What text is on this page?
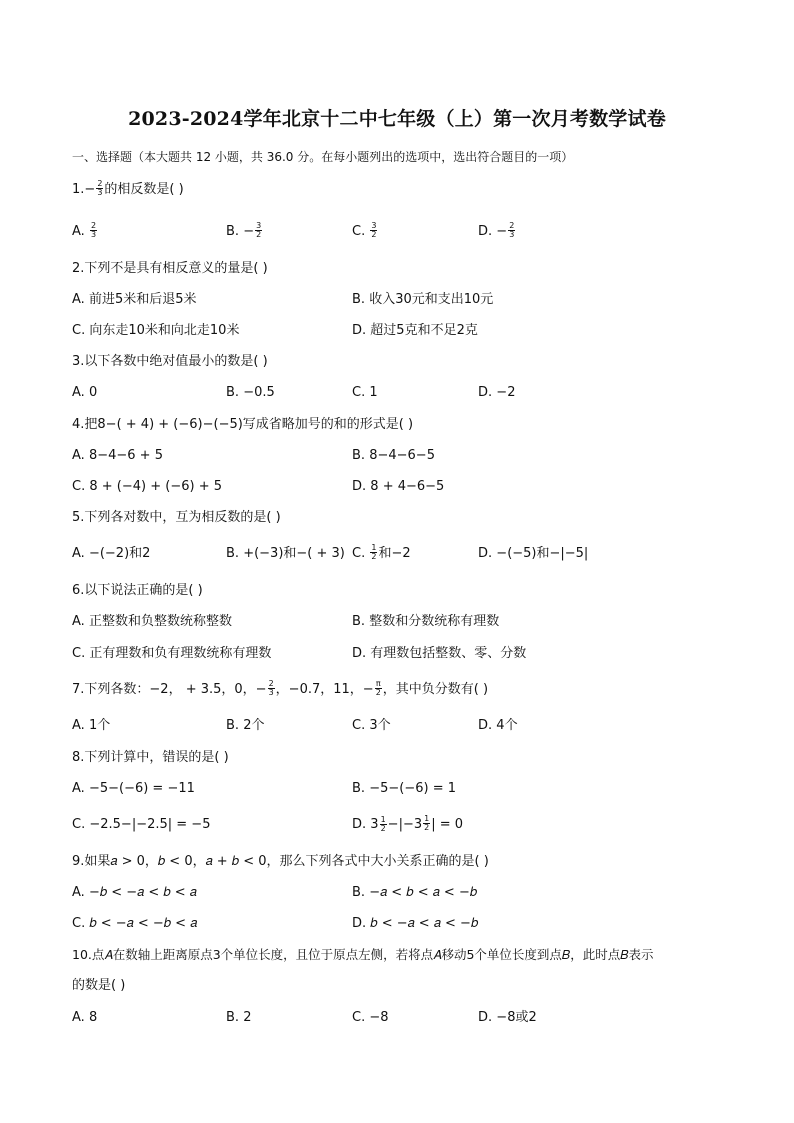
2023-2024学年北京十二中七年级（上）第一次月考数学试卷
一、选择题（本大题共 12 小题，共 36.0 分。在每小题列出的选项中，选出符合题目的一项）
$1.- \frac{2}{3}$ 的相反数是( )
A. $\frac{2}{3}$	B. − $\frac{3}{2}$	C. $\frac{3}{2}$	D. − $\frac{2}{3}$
2.下列不是具有相反意义的量是( )
A. 前进5米和后退5米	B. 收入30元和支出10元
C. 向东走10米和向北走10米	D. 超过5克和不足2克
3.以下各数中绝对值最小的数是( )
A. 0	B. −0.5	C. 1	D. −2
4.把8−( + 4) + (−6)−(−5)写成省略加号的和的形式是( )
A. 8−4−6 + 5	B. 8−4−6−5
C. 8 + (−4) + (−6) + 5	D. 8 + 4−6−5
5.下列各对数中，互为相反数的是( )
A. −(−2)和2	B. +(−3)和−( + 3) C. $\frac{1}{2}$ 和−2	D. −(−5)和−|−5|
6.以下说法正确的是( )
A. 正整数和负整数统称整数	B. 整数和分数统称有理数
C. 正有理数和负有理数统称有理数	D. 有理数包括整数、零、分数
7.下列各数：−2， + 3.5，0，− $\frac{2}{3}$ ，−0.7，11，− $\frac{\pi}{2}$ ，其中负分数有( )
A. 1个	B. 2个	C. 3个	D. 4个
8.下列计算中，错误的是( )
A. −5−(−6) = −11	B. −5−(−6) = 1
C. −2.5−|−2.5| = −5	D. $3 \frac{1}{2} -|-3 \frac{1}{2}$ | = 0
9.如果𝑎 > 0，𝑏 < 0，𝑎 + 𝑏 < 0，那么下列各式中大小关系正确的是( )
A. −𝑏 < −𝑎 < 𝑏 < 𝑎	B. −𝑎 < 𝑏 < 𝑎 < −𝑏
C. 𝑏 < −𝑎 < −𝑏 < 𝑎	D. 𝑏 < −𝑎 < 𝑎 < −𝑏
10.点𝐴在数轴上距离原点3个单位长度，且位于原点左侧，若将点𝐴移动5个单位长度到点𝐵，此时点𝐵表示
的数是( )
A. 8	B. 2	C. −8	D. −8或2
